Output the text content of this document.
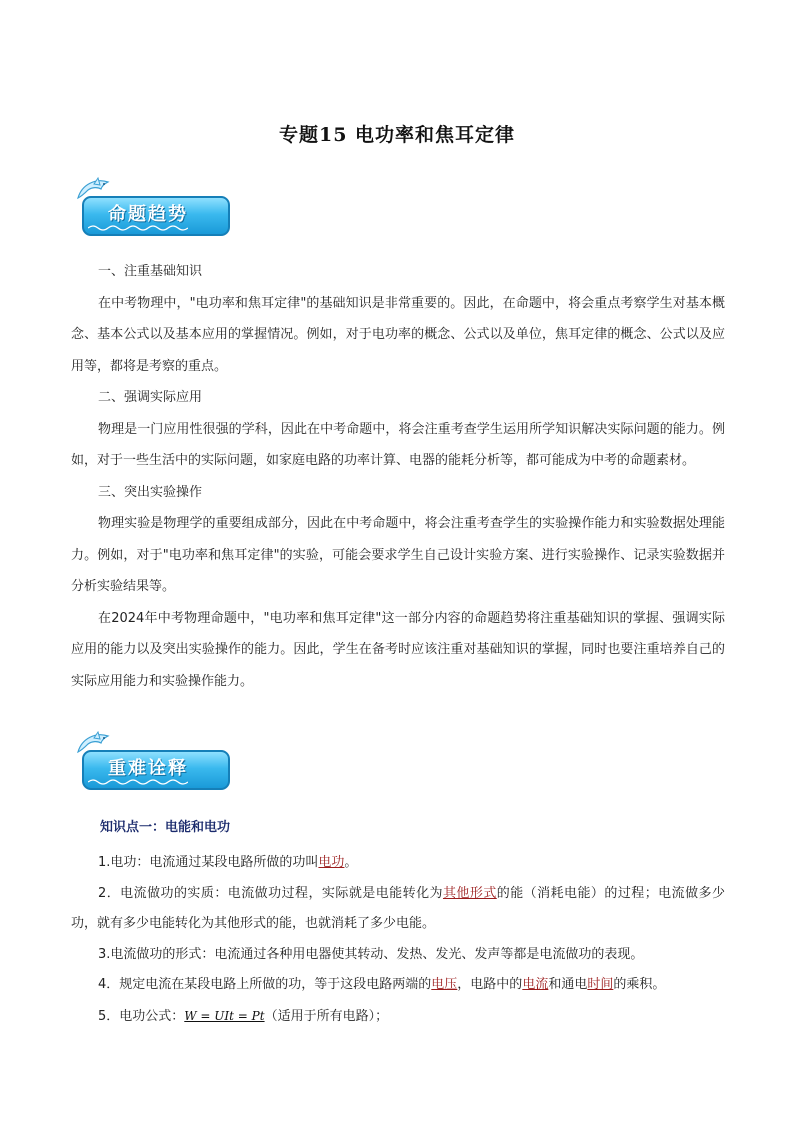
专题15 电功率和焦耳定律
命题趋势

一、注重基础知识

在中考物理中，"电功率和焦耳定律"的基础知识是非常重要的。因此，在命题中，将会重点考察学生对基本概念、基本公式以及基本应用的掌握情况。例如，对于电功率的概念、公式以及单位，焦耳定律的概念、公式以及应用等，都将是考察的重点。

二、强调实际应用

物理是一门应用性很强的学科，因此在中考命题中，将会注重考查学生运用所学知识解决实际问题的能力。例如，对于一些生活中的实际问题，如家庭电路的功率计算、电器的能耗分析等，都可能成为中考的命题素材。

三、突出实验操作

物理实验是物理学的重要组成部分，因此在中考命题中，将会注重考查学生的实验操作能力和实验数据处理能力。例如，对于"电功率和焦耳定律"的实验，可能会要求学生自己设计实验方案、进行实验操作、记录实验数据并分析实验结果等。

在2024年中考物理命题中，"电功率和焦耳定律"这一部分内容的命题趋势将注重基础知识的掌握、强调实际应用的能力以及突出实验操作的能力。因此，学生在备考时应该注重对基础知识的掌握，同时也要注重培养自己的实际应用能力和实验操作能力。

重难诠释
知识点一：电能和电功

1.电功：电流通过某段电路所做的功叫电功。

2．电流做功的实质：电流做功过程，实际就是电能转化为其他形式的能（消耗电能）的过程；电流做多少功，就有多少电能转化为其他形式的能，也就消耗了多少电能。

3.电流做功的形式：电流通过各种用电器使其转动、发热、发光、发声等都是电流做功的表现。

4．规定电流在某段电路上所做的功，等于这段电路两端的电压，电路中的电流和通电时间的乘积。

5．电功公式：W = UIt = Pt（适用于所有电路）；
